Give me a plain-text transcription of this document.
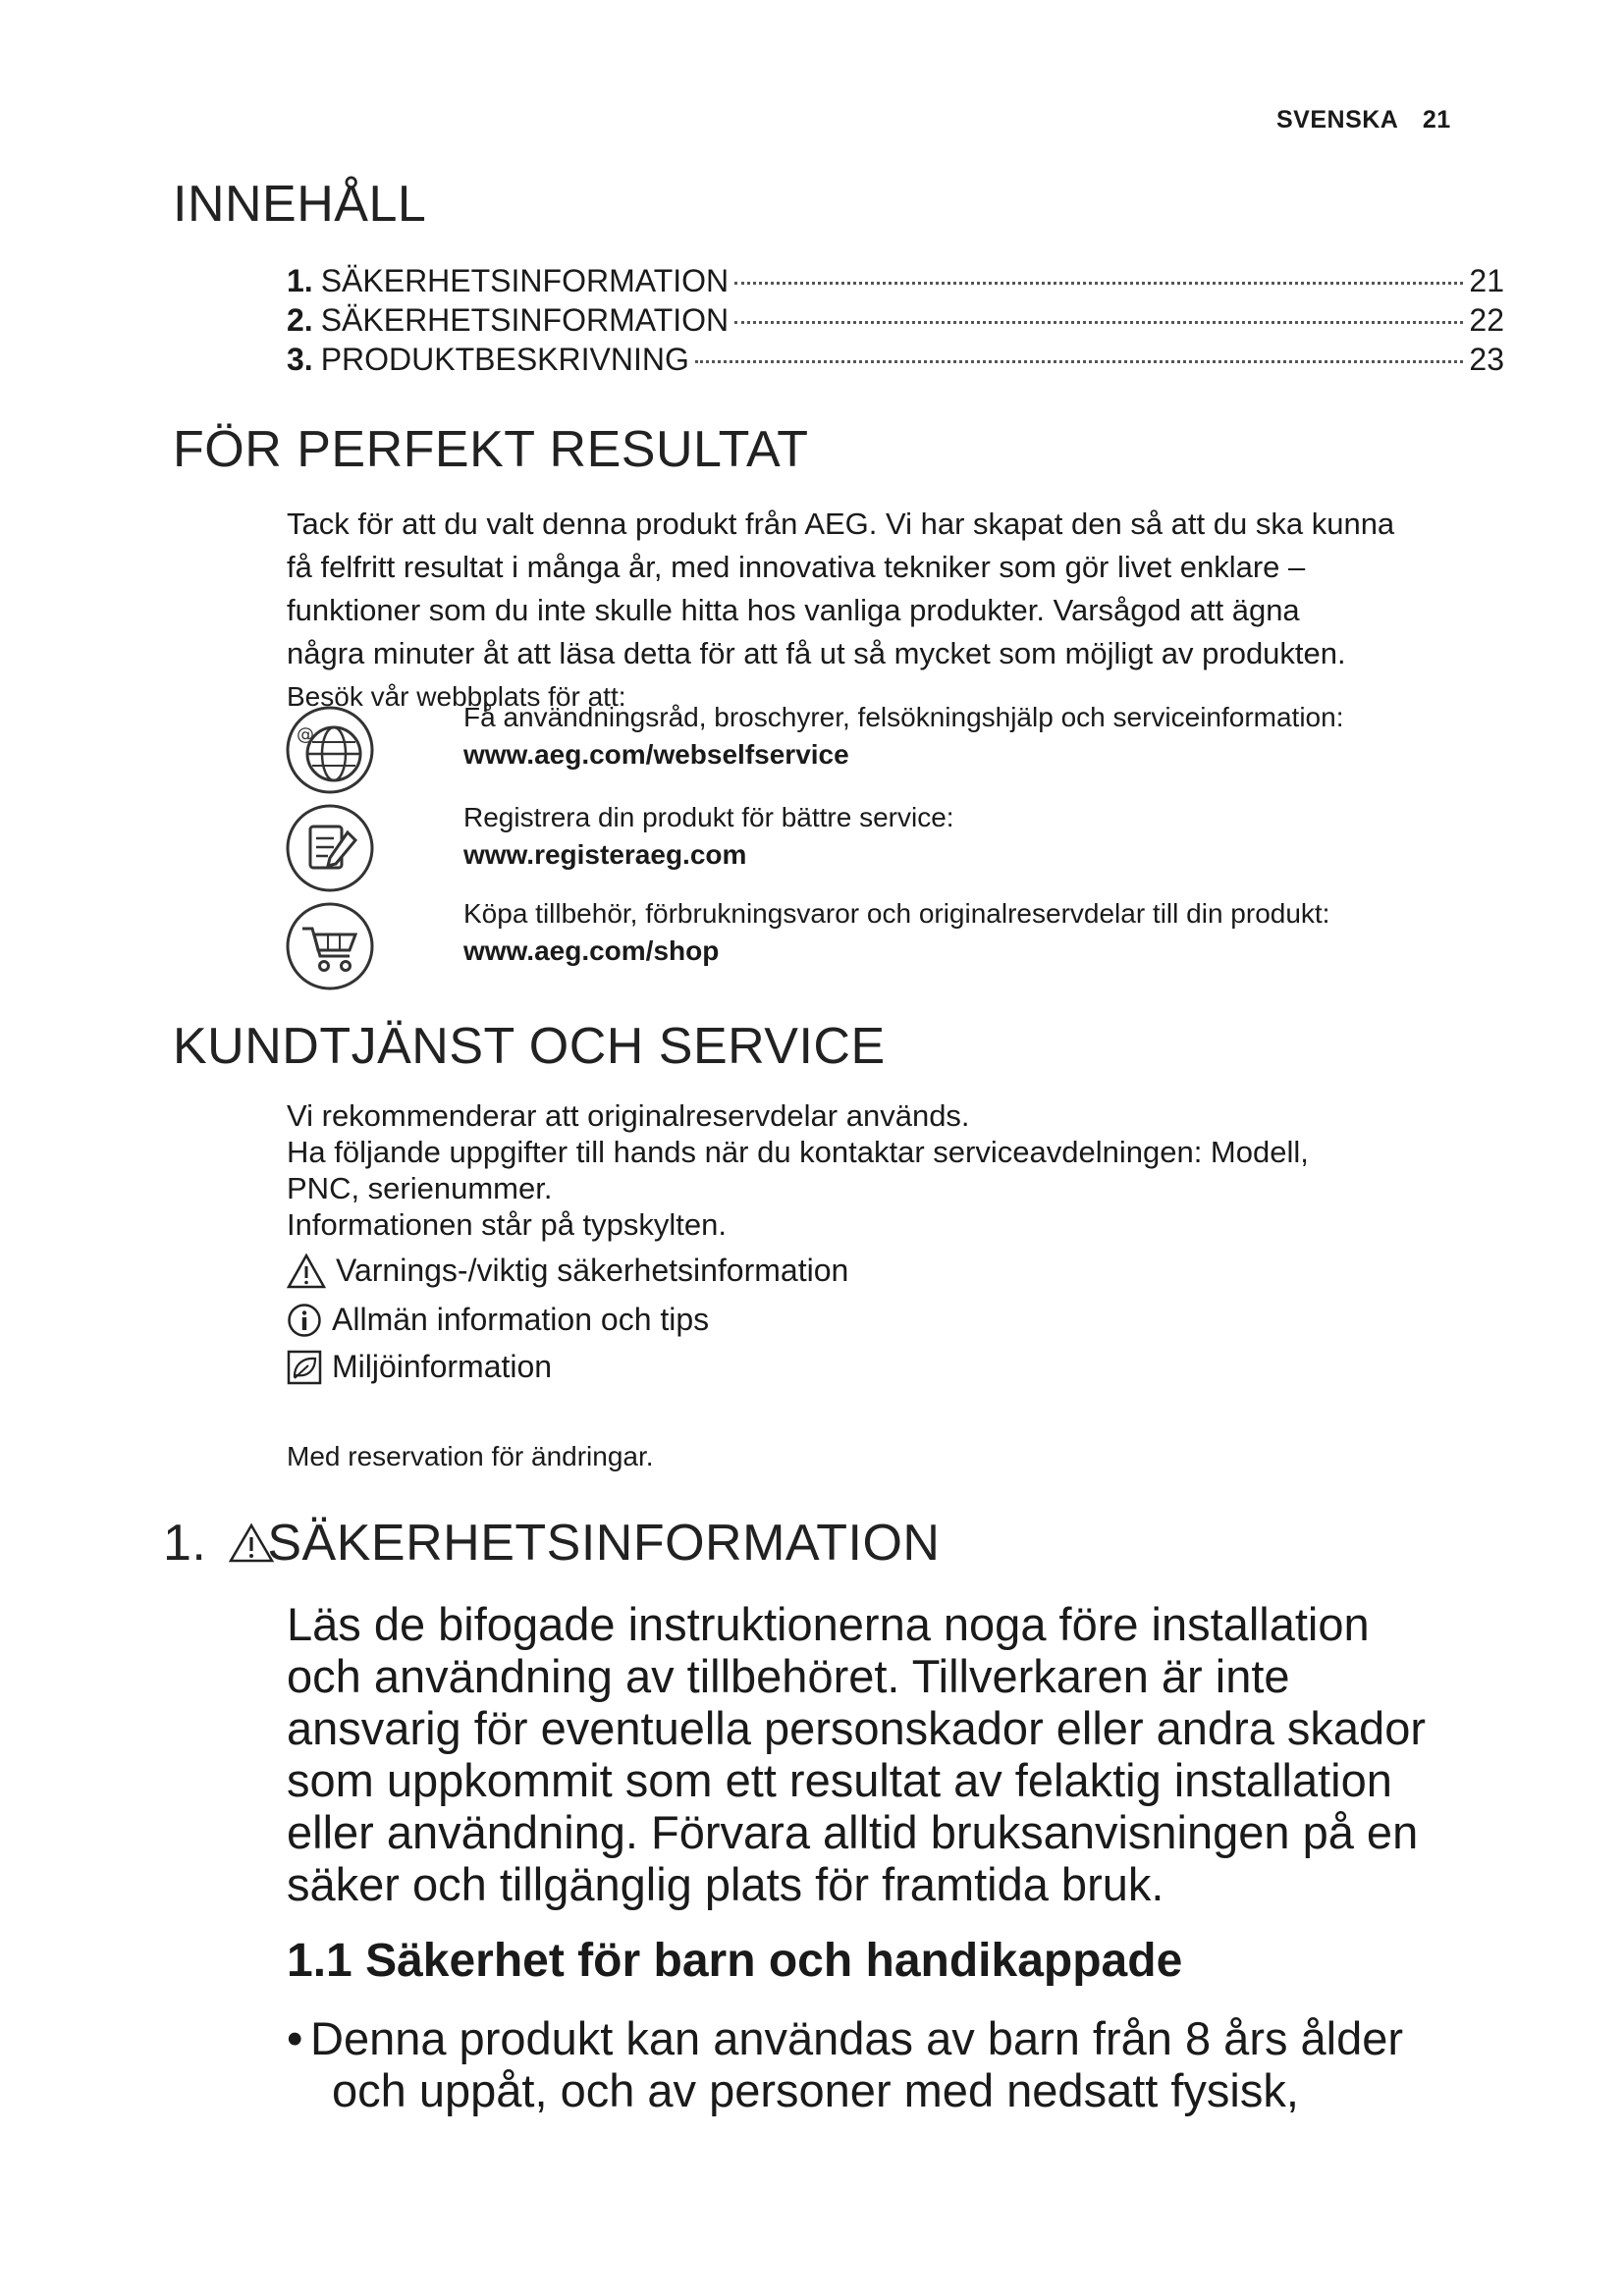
SVENSKA 21
INNEHÅLL
1. SÄKERHETSINFORMATION	21
2. SÄKERHETSINFORMATION	22
3. PRODUKTBESKRIVNING	23
FÖR PERFEKT RESULTAT

Tack för att du valt denna produkt från AEG. Vi har skapat den så att du ska kunna

få felfritt resultat i många år, med innovativa tekniker som gör livet enklare –

funktioner som du inte skulle hitta hos vanliga produkter. Varsågod att ägna

några minuter åt att läsa detta för att få ut så mycket som möjligt av produkten.

Besök vår webbplats för att:

@
Få användningsråd, broschyrer, felsökningshjälp och serviceinformation:
www.aeg.com/webselfservice
Registrera din produkt för bättre service:
www.registeraeg.com
Köpa tillbehör, förbrukningsvaror och originalreservdelar till din produkt:
www.aeg.com/shop
KUNDTJÄNST OCH SERVICE

Vi rekommenderar att originalreservdelar används.

Ha följande uppgifter till hands när du kontaktar serviceavdelningen: Modell,

PNC, serienummer.

Informationen står på typskylten.

Varnings-/viktig säkerhetsinformation
Allmän information och tips
Miljöinformation
Med reservation för ändringar.
1. SÄKERHETSINFORMATION
Läs de bifogade instruktionerna noga före installation
och användning av tillbehöret. Tillverkaren är inte
ansvarig för eventuella personskador eller andra skador
som uppkommit som ett resultat av felaktig installation
eller användning. Förvara alltid bruksanvisningen på en
säker och tillgänglig plats för framtida bruk.
1.1 Säkerhet för barn och handikappade
• Denna produkt kan användas av barn från 8 års ålder
och uppåt, och av personer med nedsatt fysisk,
